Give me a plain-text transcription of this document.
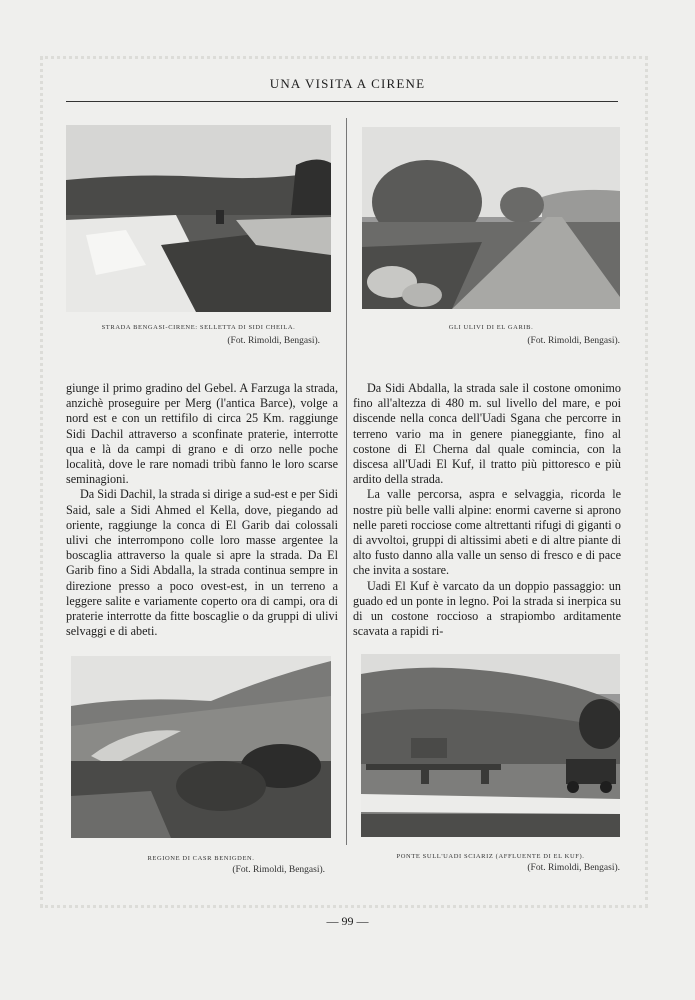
UNA VISITA A CIRENE
STRADA BENGASI-CIRENE: SELLETTA DI SIDI CHEILA.
(Fot. Rimoldi, Bengasi).
GLI ULIVI DI EL GARIB.
(Fot. Rimoldi, Bengasi).

giunge il primo gradino del Gebel. A Farzuga la strada, anzichè proseguire per Merg (l'antica Barce), volge a nord est e con un rettifilo di circa 25 Km. raggiunge Sidi Dachil attraverso a sconfinate praterie, interrotte qua e là da campi di grano e di orzo nelle poche località, dove le rare nomadi tribù fanno le loro scarse seminagioni.

Da Sidi Dachil, la strada si dirige a sud-est e per Sidi Said, sale a Sidi Ahmed el Kella, dove, piegando ad oriente, raggiunge la conca di El Garib dai colossali ulivi che interrompono colle loro masse argentee la boscaglia attraverso la quale si apre la strada. Da El Garib fino a Sidi Abdalla, la strada continua sempre in direzione presso a poco ovest-est, in un terreno a leggere salite e variamente coperto ora di campi, ora di praterie interrotte da fitte boscaglie o da gruppi di ulivi selvaggi e di abeti.

Da Sidi Abdalla, la strada sale il costone omonimo fino all'altezza di 480 m. sul livello del mare, e poi discende nella conca dell'Uadi Sgana che percorre in terreno vario ma in genere pianeggiante, fino al costone di El Cherna dal quale comincia, con la discesa all'Uadi El Kuf, il tratto più pittoresco e più ardito della strada.

La valle percorsa, aspra e selvaggia, ricorda le nostre più belle valli alpine: enormi caverne si aprono nelle pareti rocciose come altrettanti rifugi di giganti o di avvoltoi, gruppi di altissimi abeti e di altre piante di alto fusto danno alla valle un senso di fresco e di pace che invita a sostare.

Uadi El Kuf è varcato da un doppio passaggio: un guado ed un ponte in legno. Poi la strada si inerpica su di un costone roccioso a strapiombo arditamente scavata a rapidi ri-

REGIONE DI CASR BENIGDEN.
(Fot. Rimoldi, Bengasi).
PONTE SULL'UADI SCIARIZ (AFFLUENTE DI EL KUF).
(Fot. Rimoldi, Bengasi).
— 99 —
